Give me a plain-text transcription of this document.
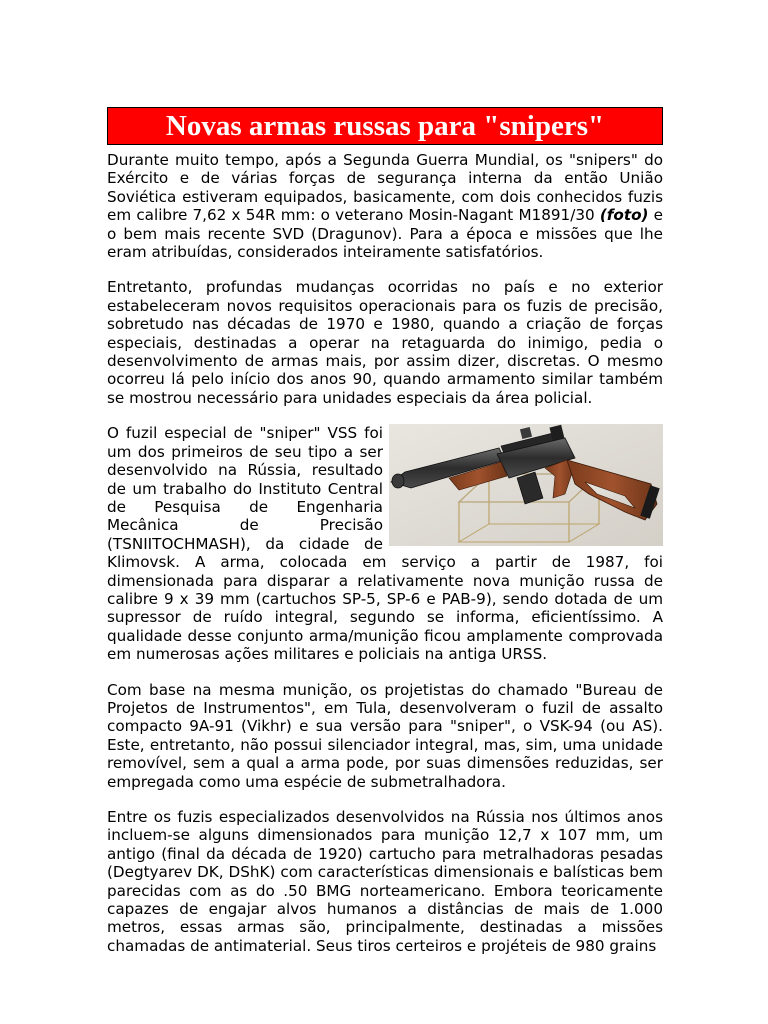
Novas armas russas para "snipers"

Durante muito tempo, após a Segunda Guerra Mundial, os "snipers" do Exército e de várias forças de segurança interna da então União Soviética estiveram equipados, basicamente, com dois conhecidos fuzis em calibre 7,62 x 54R mm: o veterano Mosin-Nagant M1891/30 (foto) e o bem mais recente SVD (Dragunov). Para a época e missões que lhe eram atribuídas, considerados inteiramente satisfatórios.

Entretanto, profundas mudanças ocorridas no país e no exterior estabeleceram novos requisitos operacionais para os fuzis de precisão, sobretudo nas décadas de 1970 e 1980, quando a criação de forças especiais, destinadas a operar na retaguarda do inimigo, pedia o desenvolvimento de armas mais, por assim dizer, discretas. O mesmo ocorreu lá pelo início dos anos 90, quando armamento similar também se mostrou necessário para unidades especiais da área policial.

O fuzil especial de "sniper" VSS foi um dos primeiros de seu tipo a ser desenvolvido na Rússia, resultado de um trabalho do Instituto Central de Pesquisa de Engenharia Mecânica de Precisão (TSNIITOCHMASH), da cidade de Klimovsk. A arma, colocada em serviço a partir de 1987, foi dimensionada para disparar a relativamente nova munição russa de calibre 9 x 39 mm (cartuchos SP-5, SP-6 e PAB-9), sendo dotada de um supressor de ruído integral, segundo se informa, eficientíssimo. A qualidade desse conjunto arma/munição ficou amplamente comprovada em numerosas ações militares e policiais na antiga URSS.

Com base na mesma munição, os projetistas do chamado "Bureau de Projetos de Instrumentos", em Tula, desenvolveram o fuzil de assalto compacto 9A-91 (Vikhr) e sua versão para "sniper", o VSK-94 (ou AS). Este, entretanto, não possui silenciador integral, mas, sim, uma unidade removível, sem a qual a arma pode, por suas dimensões reduzidas, ser empregada como uma espécie de submetralhadora.

Entre os fuzis especializados desenvolvidos na Rússia nos últimos anos incluem-se alguns dimensionados para munição 12,7 x 107 mm, um antigo (final da década de 1920) cartucho para metralhadoras pesadas (Degtyarev DK, DShK) com características dimensionais e balísticas bem parecidas com as do .50 BMG norteamericano. Embora teoricamente capazes de engajar alvos humanos a distâncias de mais de 1.000 metros, essas armas são, principalmente, destinadas a missões chamadas de antimaterial. Seus tiros certeiros e projéteis de 980 grains
